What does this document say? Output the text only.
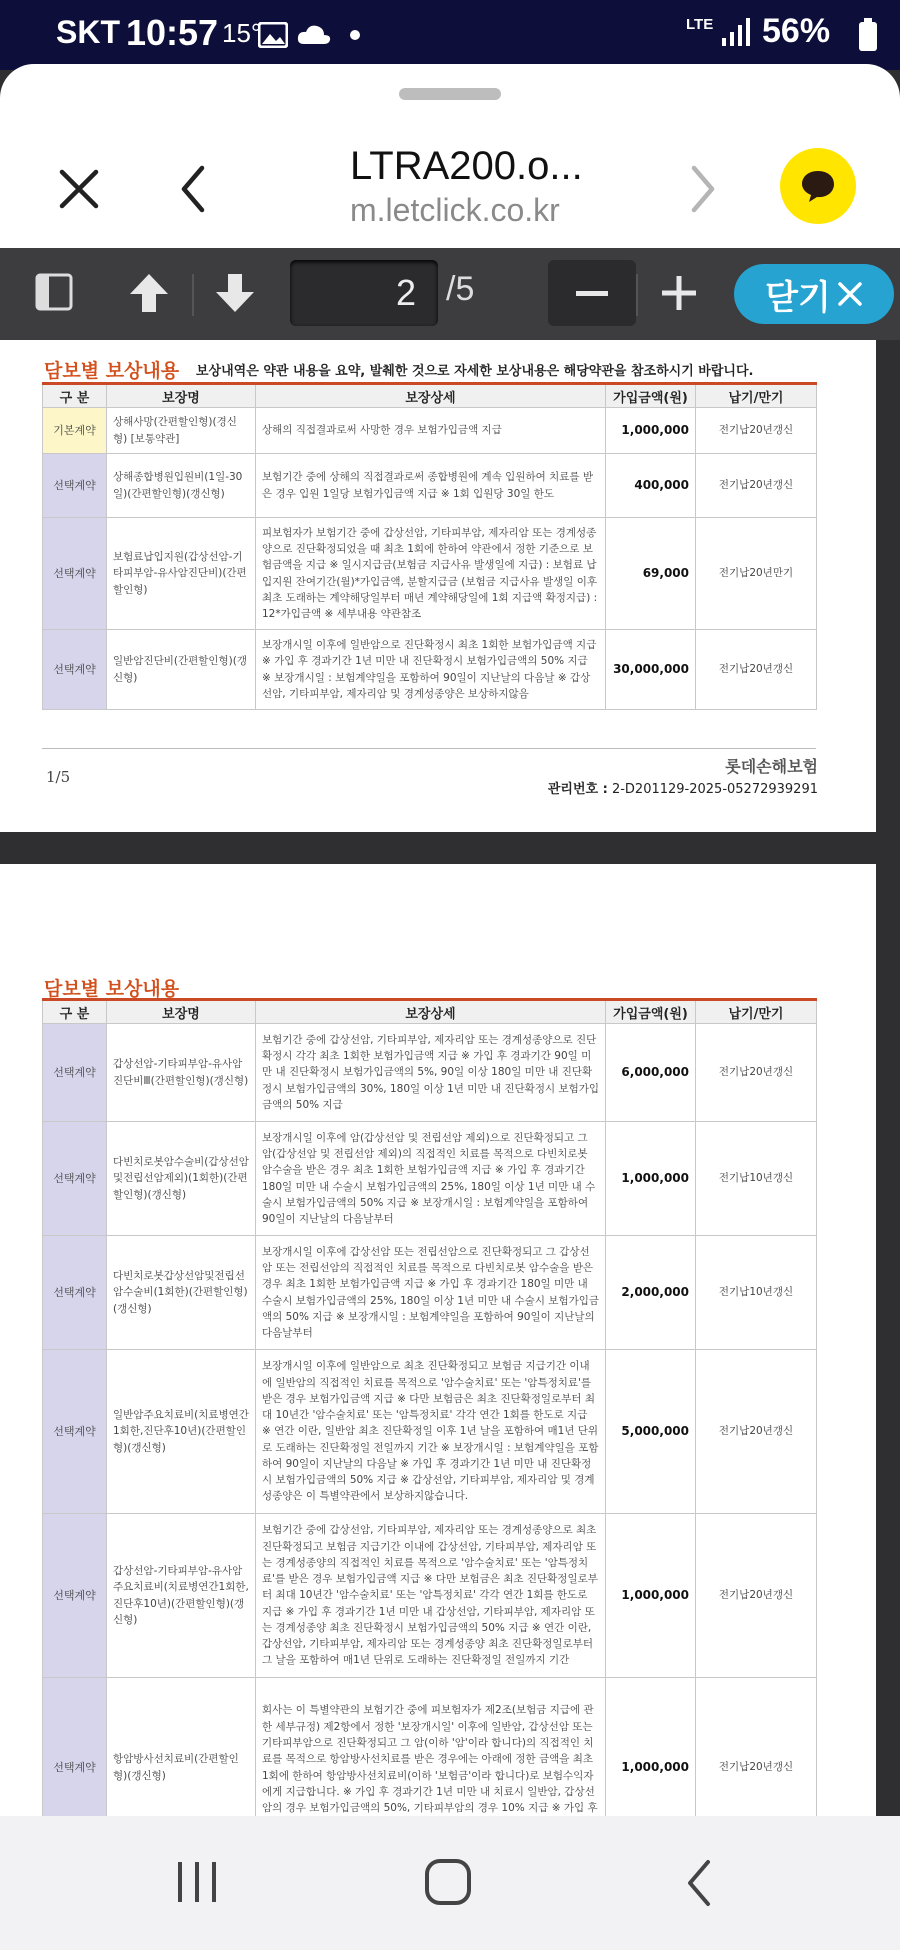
SKT 10:57 15°	LTE 56%
LTRA200.o...
m.letclick.co.kr
2 /5	닫기
담보별 보상내용 보상내역은 약관 내용을 요약, 발췌한 것으로 자세한 보상내용은 해당약관을 참조하시기 바랍니다.
구 분	보장명	보장상세	가입금액(원)	납기/만기
기본계약	상해사망(간편할인형)(경신형) [보통약관]	상해의 직접결과로써 사망한 경우 보험가입금액 지급	1,000,000	전기납20년갱신
선택계약	상해종합병원입원비(1일-30일)(간편할인형)(갱신형)	보험기간 중에 상해의 직접결과로써 종합병원에 계속 입원하여 치료를 받은 경우 입원 1일당 보험가입금액 지급 ※ 1회 입원당 30일 한도	400,000	전기납20년갱신
선택계약	보험료납입지원(갑상선암-기타피부암-유사암진단비)(간편할인형)	피보험자가 보험기간 중에 갑상선암, 기타피부암, 제자리암 또는 경계성종양으로 진단확정되었을 때 최초 1회에 한하여 약관에서 정한 기준으로 보험금액을 지급 ※ 일시지급금(보험금 지급사유 발생일에 지급) : 보험료 납입지원 잔여기간(월)*가입금액, 분할지급금 (보험금 지급사유 발생일 이후 최초 도래하는 계약해당일부터 매년 계약해당일에 1회 지급액 확정지급) : 12*가입금액 ※ 세부내용 약관참조	69,000	전기납20년만기
선택계약	일반암진단비(간편할인형)(갱신형)	보장개시일 이후에 일반암으로 진단확정시 최초 1회한 보험가입금액 지급 ※ 가입 후 경과기간 1년 미만 내 진단확정시 보험가입금액의 50% 지급 ※ 보장개시일 : 보험계약일을 포함하여 90일이 지난날의 다음날 ※ 갑상선암, 기타피부암, 제자리암 및 경계성종양은 보상하지않음	30,000,000	전기납20년갱신
1/5
롯데손해보험
관리번호 : 2-D201129-2025-05272939291
담보별 보상내용
구 분	보장명	보장상세	가입금액(원)	납기/만기
선택계약	갑상선암-기타피부암-유사암진단비Ⅲ(간편할인형)(갱신형)	보험기간 중에 갑상선암, 기타피부암, 제자리암 또는 경계성종양으로 진단확정시 각각 최초 1회한 보험가입금액 지급 ※ 가입 후 경과기간 90일 미만 내 진단확정시 보험가입금액의 5%, 90일 이상 180일 미만 내 진단확정시 보험가입금액의 30%, 180일 이상 1년 미만 내 진단확정시 보험가입금액의 50% 지급	6,000,000	전기납20년갱신
선택계약	다빈치로봇암수술비(갑상선암및전립선암제외)(1회한)(간편할인형)(갱신형)	보장개시일 이후에 암(갑상선암 및 전립선암 제외)으로 진단확정되고 그 암(갑상선암 및 전립선암 제외)의 직접적인 치료를 목적으로 다빈치로봇 암수술을 받은 경우 최초 1회한 보험가입금액 지급 ※ 가입 후 경과기간 180일 미만 내 수술시 보험가입금액의 25%, 180일 이상 1년 미만 내 수술시 보험가입금액의 50% 지급 ※ 보장개시일 : 보험계약일을 포함하여 90일이 지난날의 다음날부터	1,000,000	전기납10년갱신
선택계약	다빈치로봇갑상선암및전립선암수술비(1회한)(간편할인형)(갱신형)	보장개시일 이후에 갑상선암 또는 전립선암으로 진단확정되고 그 갑상선암 또는 전립선암의 직접적인 치료를 목적으로 다빈치로봇 암수술을 받은 경우 최초 1회한 보험가입금액 지급 ※ 가입 후 경과기간 180일 미만 내 수술시 보험가입금액의 25%, 180일 이상 1년 미만 내 수술시 보험가입금액의 50% 지급 ※ 보장개시일 : 보험계약일을 포함하여 90일이 지난날의 다음날부터	2,000,000	전기납10년갱신
선택계약	일반암주요치료비(치료병연간1회한,진단후10년)(간편할인형)(갱신형)	보장개시일 이후에 일반암으로 최초 진단확정되고 보험금 지급기간 이내에 일반암의 직접적인 치료를 목적으로 '암수술치료' 또는 '암특정치료'를 받은 경우 보험가입금액 지급 ※ 다만 보험금은 최초 진단확정일로부터 최대 10년간 '암수술치료' 또는 '암특정치료' 각각 연간 1회를 한도로 지급 ※ 연간 이란, 일반암 최초 진단확정일 이후 1년 날을 포함하여 매1년 단위로 도래하는 진단확정일 전일까지 기간 ※ 보장개시일 : 보험계약일을 포함하여 90일이 지난날의 다음날 ※ 가입 후 경과기간 1년 미만 내 진단확정시 보험가입금액의 50% 지급 ※ 갑상선암, 기타피부암, 제자리암 및 경계성종양은 이 특별약관에서 보상하지않습니다.	5,000,000	전기납20년갱신
선택계약	갑상선암-기타피부암-유사암주요치료비(치료병연간1회한,진단후10년)(간편할인형)(갱신형)	보험기간 중에 갑상선암, 기타피부암, 제자리암 또는 경계성종양으로 최초 진단확정되고 보험금 지급기간 이내에 갑상선암, 기타피부암, 제자리암 또는 경계성종양의 직접적인 치료를 목적으로 '암수술치료' 또는 '암특정치료'를 받은 경우 보험가입금액 지급 ※ 다만 보험금은 최초 진단확정일로부터 최대 10년간 '암수술치료' 또는 '암특정치료' 각각 연간 1회를 한도로 지급 ※ 가입 후 경과기간 1년 미만 내 갑상선암, 기타피부암, 제자리암 또는 경계성종양 최초 진단확정시 보험가입금액의 50% 지급 ※ 연간 이란, 갑상선암, 기타피부암, 제자리암 또는 경계성종양 최초 진단확정일로부터 그 날을 포함하여 매1년 단위로 도래하는 진단확정일 전일까지 기간	1,000,000	전기납20년갱신
선택계약	항암방사선치료비(간편할인형)(갱신형)	회사는 이 특별약관의 보험기간 중에 피보험자가 제2조(보험금 지급에 관한 세부규정) 제2항에서 정한 '보장개시일' 이후에 일반암, 갑상선암 또는 기타피부암으로 진단확정되고 그 암(이하 '암'이라 합니다)의 직접적인 치료를 목적으로 항암방사선치료를 받은 경우에는 아래에 정한 금액을 최초 1회에 한하여 항암방사선치료비(이하 '보험금'이라 합니다)로 보험수익자에게 지급합니다. ※ 가입 후 경과기간 1년 미만 내 치료시 일반암, 갑상선암의 경우 보험가입금액의 50%, 기타피부암의 경우 10% 지급 ※ 가입 후	1,000,000	전기납20년갱신
